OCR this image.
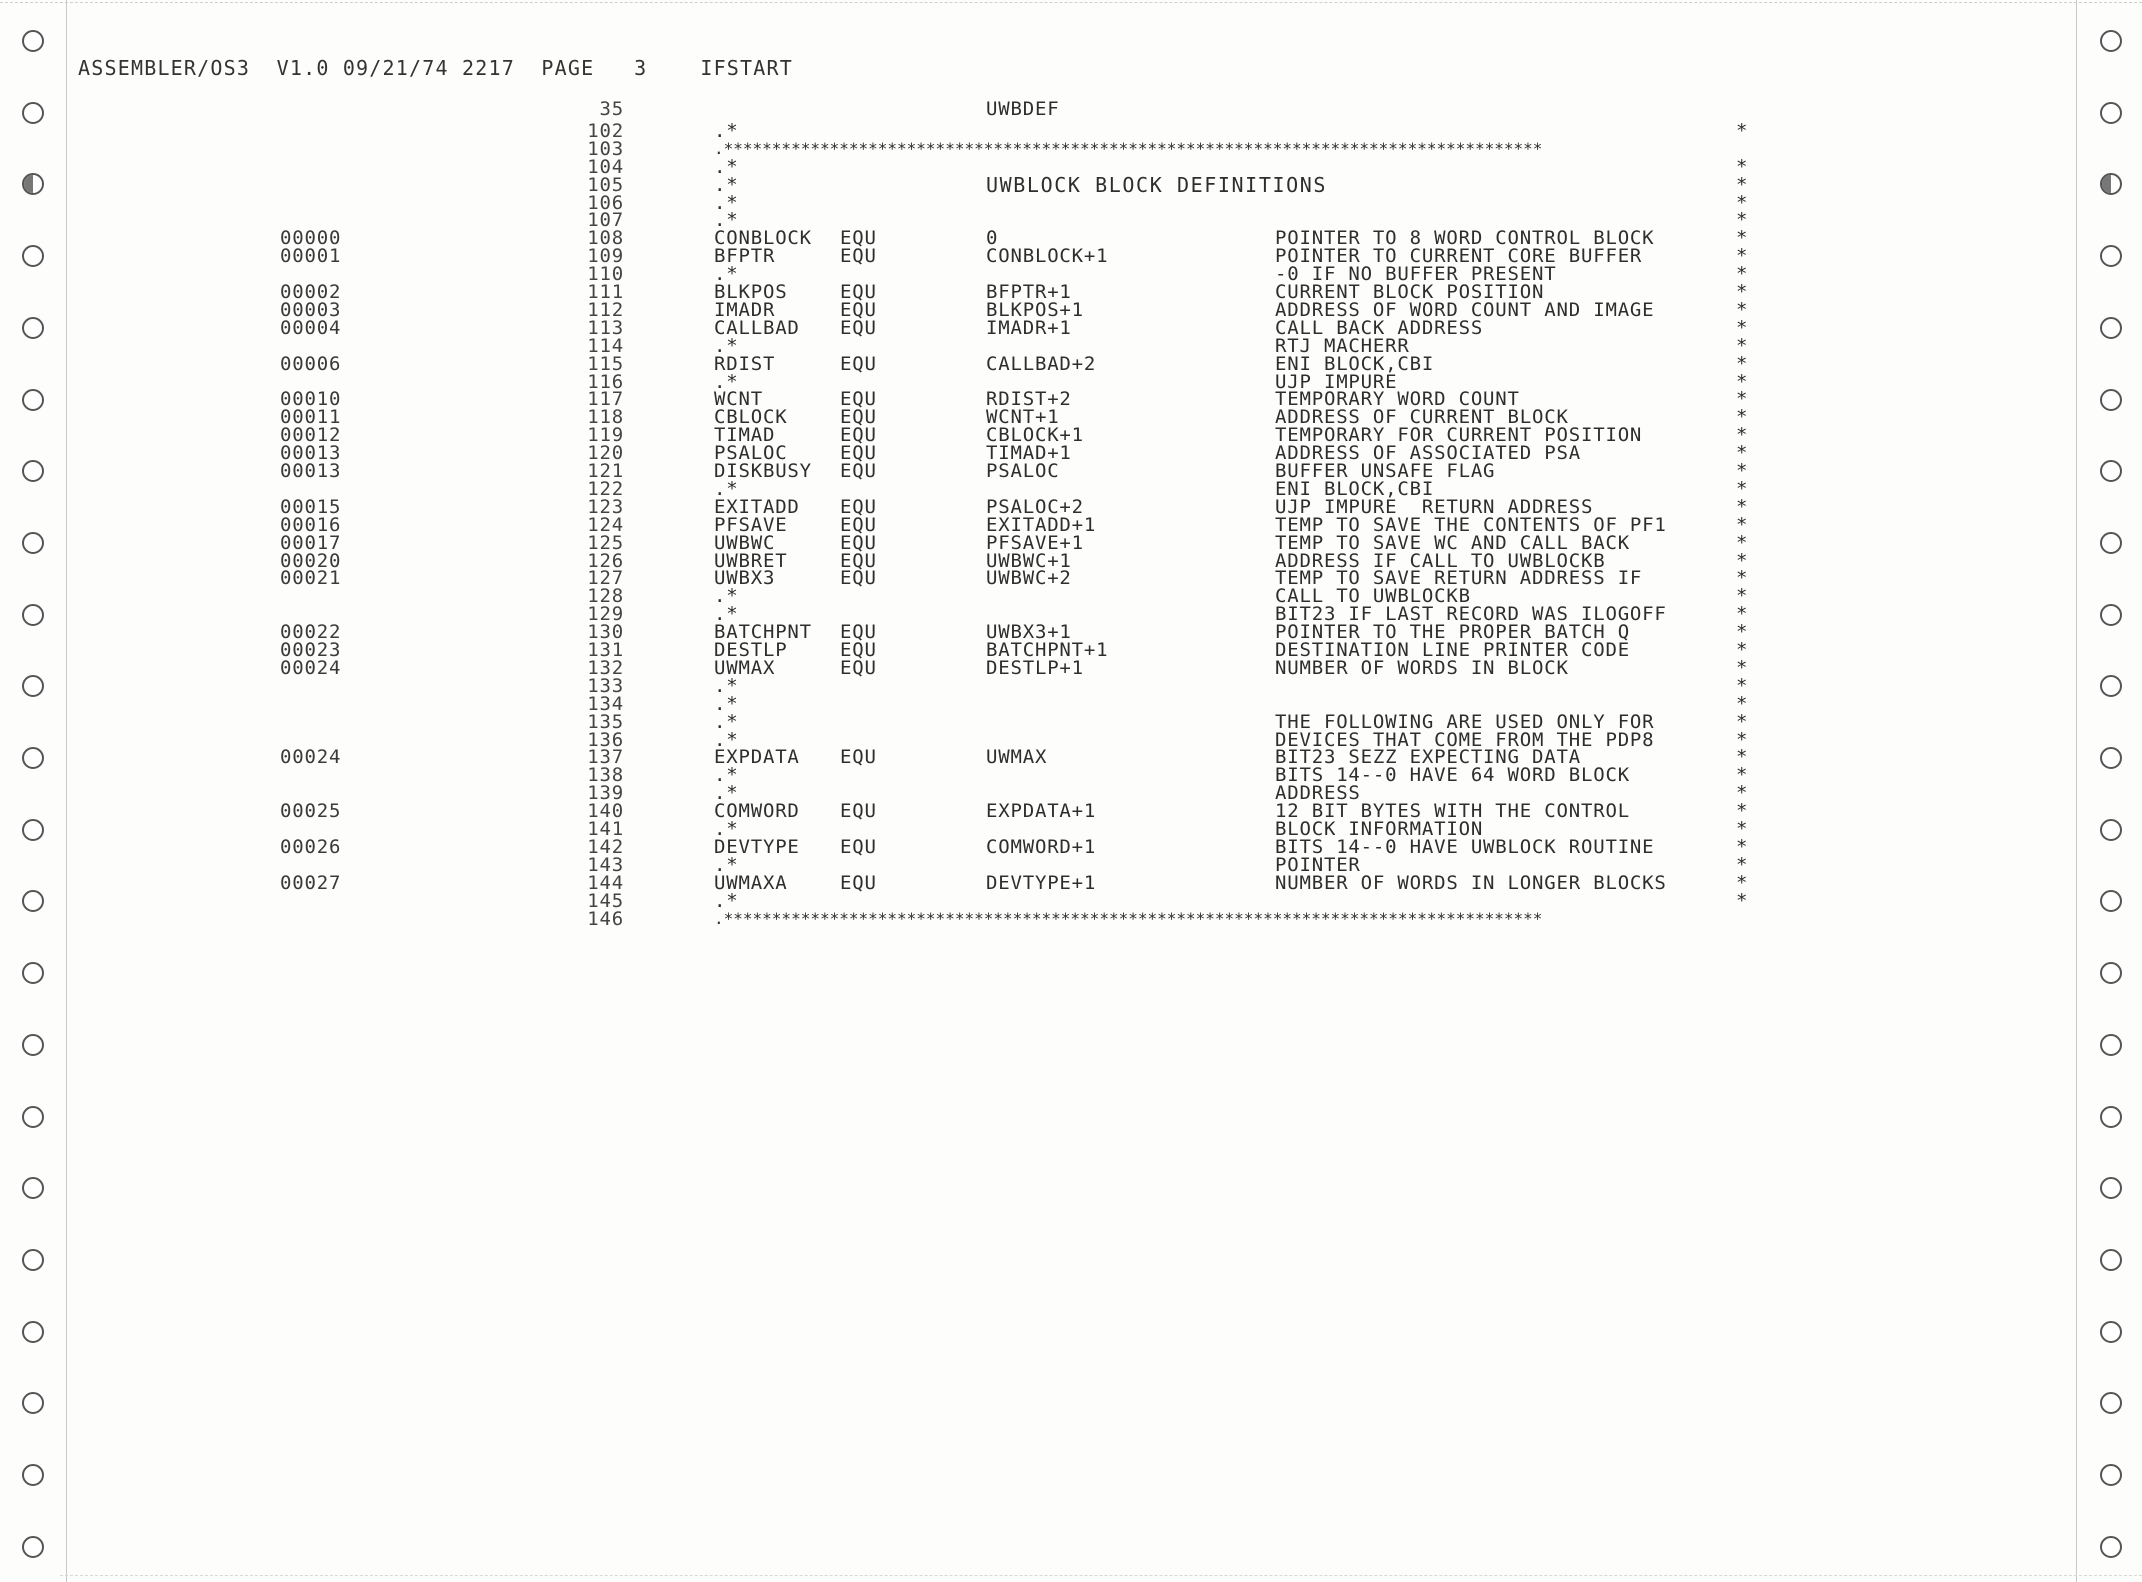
ASSEMBLER/OS3  V1.0 09/21/74 2217  PAGE   3    IFSTART
35	UWBDEF
102	.*	*
103	.*************************************************************************************
104	.*	*
105	.*	UWBLOCK BLOCK DEFINITIONS	*
106	.*	*
107	.*	*
00000	108	CONBLOCK EQU	0	POINTER TO 8 WORD CONTROL BLOCK	*
00001	109	BFPTR	EQU	CONBLOCK+1	POINTER TO CURRENT CORE BUFFER	*
110	.*	-0 IF NO BUFFER PRESENT	*
00002	111	BLKPOS	EQU	BFPTR+1	CURRENT BLOCK POSITION	*
00003	112	IMADR	EQU	BLKPOS+1	ADDRESS OF WORD COUNT AND IMAGE	*
00004	113	CALLBAD EQU	IMADR+1	CALL BACK ADDRESS	*
114	.*	RTJ MACHERR	*
00006	115	RDIST	EQU	CALLBAD+2	ENI BLOCK,CBI	*
116	.*	UJP IMPURE	*
00010	117	WCNT	EQU	RDIST+2	TEMPORARY WORD COUNT	*
00011	118	CBLOCK	EQU	WCNT+1	ADDRESS OF CURRENT BLOCK	*
00012	119	TIMAD	EQU	CBLOCK+1	TEMPORARY FOR CURRENT POSITION	*
00013	120	PSALOC	EQU	TIMAD+1	ADDRESS OF ASSOCIATED PSA	*
00013	121	DISKBUSY EQU	PSALOC	BUFFER UNSAFE FLAG	*
122	.*	ENI BLOCK,CBI	*
00015	123	EXITADD EQU	PSALOC+2	UJP IMPURE  RETURN ADDRESS	*
00016	124	PFSAVE	EQU	EXITADD+1	TEMP TO SAVE THE CONTENTS OF PF1	*
00017	125	UWBWC	EQU	PFSAVE+1	TEMP TO SAVE WC AND CALL BACK	*
00020	126	UWBRET	EQU	UWBWC+1	ADDRESS IF CALL TO UWBLOCKB	*
00021	127	UWBX3	EQU	UWBWC+2	TEMP TO SAVE RETURN ADDRESS IF	*
128	.*	CALL TO UWBLOCKB	*
129	.*	BIT23 IF LAST RECORD WAS ILOGOFF	*
00022	130	BATCHPNT EQU	UWBX3+1	POINTER TO THE PROPER BATCH Q	*
00023	131	DESTLP	EQU	BATCHPNT+1	DESTINATION LINE PRINTER CODE	*
00024	132	UWMAX	EQU	DESTLP+1	NUMBER OF WORDS IN BLOCK	*
133	.*	*
134	.*	*
135	.*	THE FOLLOWING ARE USED ONLY FOR	*
136	.*	DEVICES THAT COME FROM THE PDP8	*
00024	137	EXPDATA EQU	UWMAX	BIT23 SEZZ EXPECTING DATA	*
138	.*	BITS 14--0 HAVE 64 WORD BLOCK	*
139	.*	ADDRESS	*
00025	140	COMWORD EQU	EXPDATA+1	12 BIT BYTES WITH THE CONTROL	*
141	.*	BLOCK INFORMATION	*
00026	142	DEVTYPE EQU	COMWORD+1	BITS 14--0 HAVE UWBLOCK ROUTINE	*
143	.*	POINTER	*
00027	144	UWMAXA	EQU	DEVTYPE+1	NUMBER OF WORDS IN LONGER BLOCKS	*
145	.*	*
146	.*************************************************************************************
